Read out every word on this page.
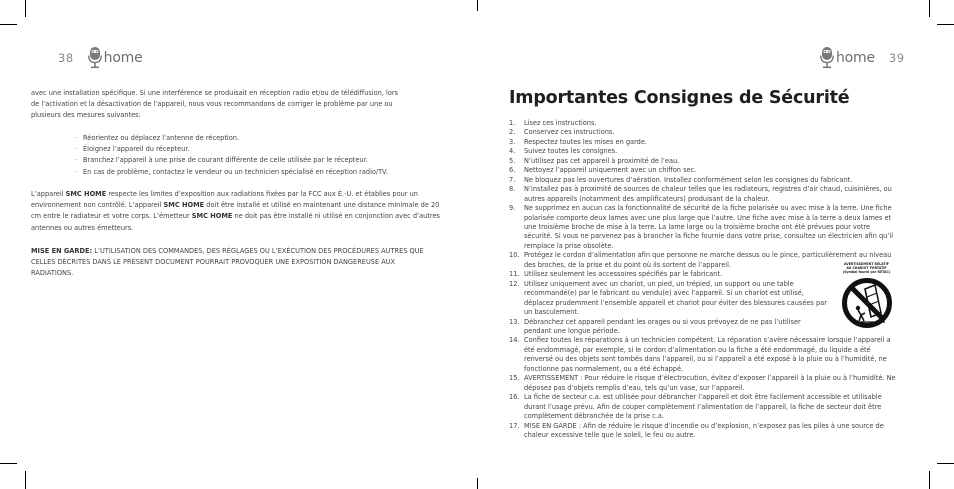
38 home

avec une installation spécifique. Si une interférence se produisait en réception radio et/ou de télédiffusion, lors

de l’activation et la désactivation de l’appareil, nous vous recommandons de corriger le problème par une ou

plusieurs des mesures suivantes:

· Réorientez ou déplacez l’antenne de réception.
· Éloignez l’appareil du récepteur.
· Branchez l’appareil à une prise de courant différente de celle utilisée par le récepteur.
· En cas de problème, contactez le vendeur ou un technicien spécialisé en réception radio/TV.

L’appareil SMC HOME respecte les limites d’exposition aux radiations fixées par la FCC aux É.-U. et établies pour un environnement non contrôlé. L’appareil SMC HOME doit être installé et utilisé en maintenant une distance minimale de 20 cm entre le radiateur et votre corps. L’émetteur SMC HOME ne doit pas être installé ni utilisé en conjonction avec d’autres antennes ou autres émetteurs.

MISE EN GARDE: L’UTILISATION DES COMMANDES, DES RÉGLAGES OU L’EXÉCUTION DES PROCÉDURES AUTRES QUE CELLES DÉCRITES DANS LE PRÉSENT DOCUMENT POURRAIT PROVOQUER UNE EXPOSITION DANGEREUSE AUX RADIATIONS.

home 39
Importantes Consignes de Sécurité
1.	Lisez ces instructions.
2.	Conservez ces instructions.
3.	Respectez toutes les mises en garde.
4.	Suivez toutes les consignes.
5.	N’utilisez pas cet appareil à proximité de l’eau.
6.	Nettoyez l’appareil uniquement avec un chiffon sec.
7.	Ne bloquez pas les ouvertures d’aération. Installez conformément selon les consignes du fabricant.
8.	N’installez pas à proximité de sources de chaleur telles que les radiateurs, registres d’air chaud, cuisinières, ou autres appareils (notamment des amplificateurs) produisant de la chaleur.
9.	Ne supprimez en aucun cas la fonctionnalité de sécurité de la fiche polarisée ou avec mise à la terre. Une fiche polarisée comporte deux lames avec une plus large que l’autre. Une fiche avec mise à la terre a deux lames et une troisième broche de mise à la terre. La lame large ou la troisième broche ont été prévues pour votre sécurité. Si vous ne parvenez pas à brancher la fiche fournie dans votre prise, consultez un électricien afin qu’il remplace la prise obsolète.
10. Protégez le cordon d’alimentation afin que personne ne marche dessus ou le pince, particulièrement au niveau des broches, de la prise et du point où ils sortent de l’appareil.
11. Utilisez seulement les accessoires spécifiés par le fabricant.
12. Utilisez uniquement avec un chariot, un pied, un trépied, un support ou une table recommandé(e) par le fabricant ou vendu(e) avec l’appareil. Si un chariot est utilisé, déplacez prudemment l’ensemble appareil et chariot pour éviter des blessures causées par un basculement.
13. Débranchez cet appareil pendant les orages ou si vous prévoyez de ne pas l’utiliser pendant une longue période.
14. Confiez toutes les réparations à un technicien compétent. La réparation s’avère nécessaire lorsque l’appareil a été endommagé, par exemple, si le cordon d’alimentation ou la fiche a été endommagé, du liquide a été renversé ou des objets sont tombés dans l’appareil, ou si l’appareil a été exposé à la pluie ou à l’humidité, ne fonctionne pas normalement, ou a été échappé.
15. AVERTISSEMENT : Pour réduire le risque d’électrocution, évitez d’exposer l’appareil à la pluie ou à l’humidité. Ne déposez pas d’objets remplis d’eau, tels qu’un vase, sur l’appareil.
16. La fiche de secteur c.a. est utilisée pour débrancher l’appareil et doit être facilement accessible et utilisable durant l’usage prévu. Afin de couper complètement l’alimentation de l’appareil, la fiche de secteur doit être complètement débranchée de la prise c.a.
17. MISE EN GARDE : Afin de réduire le risque d’incendie ou d’explosion, n’exposez pas les piles à une source de chaleur excessive telle que le soleil, le feu ou autre.
AVERTISSEMENT RELATIF
AU CHARIOT PORTATIF
(Symbol fourni par RETAC)
